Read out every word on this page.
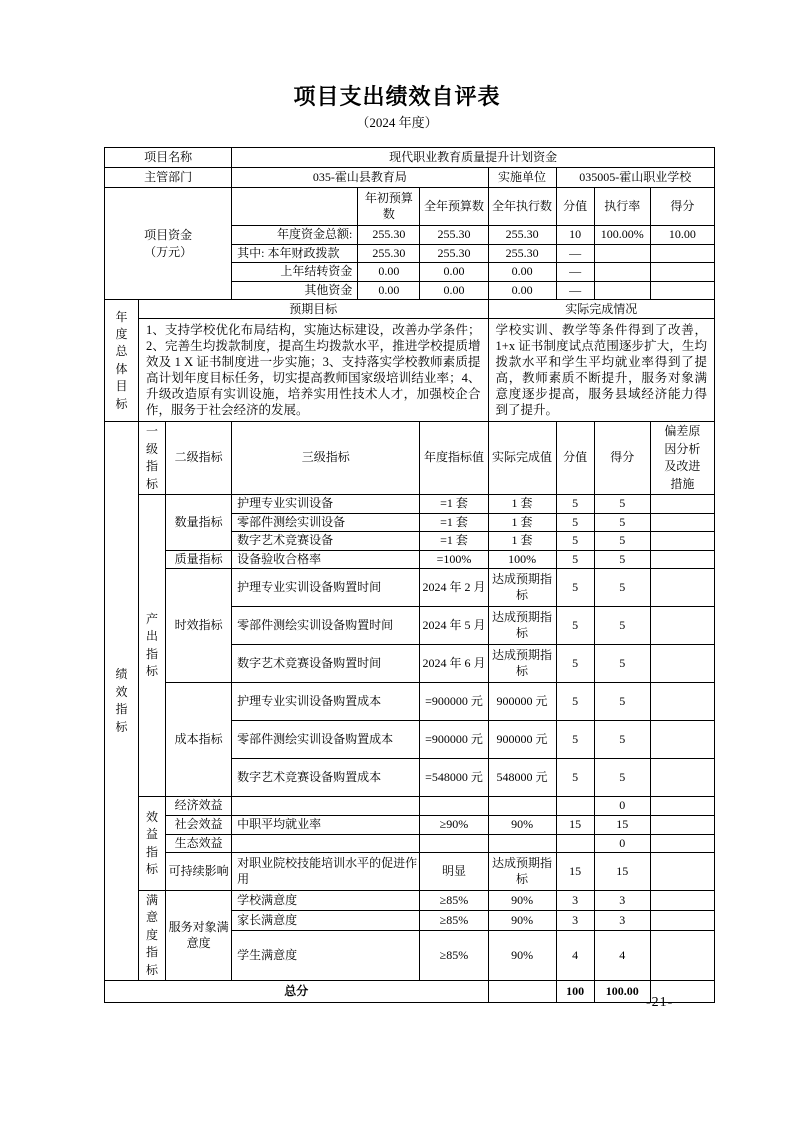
项目支出绩效自评表
（2024 年度）
项目名称			现代职业教育质量提升计划资金						
主管部门			035-霍山县教育局			实施单位	035005-霍山职业学校		

项目资金
（万元）				年初预算数	全年预算数	全年执行数	分值	执行率	得分
			年度资金总额:	255.30	255.30	255.30	10	100.00%	10.00
			其中: 本年财政拨款	255.30	255.30	255.30	—		
			上年结转资金	0.00	0.00	0.00	—		
			其他资金	0.00	0.00	0.00	—		
年度总体目标	预期目标					实际完成情况			
	1、支持学校优化布局结构，实施达标建设，改善办学条件；2、完善生均拨款制度，提高生均拨款水平，推进学校提质增效及 1 X 证书制度进一步实施；3、支持落实学校教师素质提高计划年度目标任务，切实提高教师国家级培训结业率；4、升级改造原有实训设施，培养实用性技术人才，加强校企合作，服务于社会经济的发展。					学校实训、教学等条件得到了改善，1+x 证书制度试点范围逐步扩大，生均拨款水平和学生平均就业率得到了提高，教师素质不断提升，服务对象满意度逐步提高，服务县域经济能力得到了提升。			
绩效指标	一级指标	二级指标	三级指标		年度指标值	实际完成值	分值	得分	偏差原因分析及改进措施
	产出指标	数量指标	护理专业实训设备		=1 套	1 套	5	5	
			零部件测绘实训设备		=1 套	1 套	5	5	
			数字艺术竞赛设备		=1 套	1 套	5	5	
		质量指标	设备验收合格率		=100%	100%	5	5	
		时效指标	护理专业实训设备购置时间		2024 年 2 月	达成预期指标	5	5	
			零部件测绘实训设备购置时间		2024 年 5 月	达成预期指标	5	5	
			数字艺术竞赛设备购置时间		2024 年 6 月	达成预期指标	5	5	
		成本指标	护理专业实训设备购置成本		=900000 元	900000 元	5	5	
			零部件测绘实训设备购置成本		=900000 元	900000 元	5	5	
			数字艺术竞赛设备购置成本		=548000 元	548000 元	5	5	
	效益指标	经济效益						0	
		社会效益	中职平均就业率		≥90%	90%	15	15	
		生态效益						0	
		可持续影响	对职业院校技能培训水平的促进作用		明显	达成预期指标	15	15	
	满意度指标	服务对象满意度	学校满意度		≥85%	90%	3	3	
			家长满意度		≥85%	90%	3	3	
			学生满意度		≥85%	90%	4	4	
总分							100	100.00	
-21-
